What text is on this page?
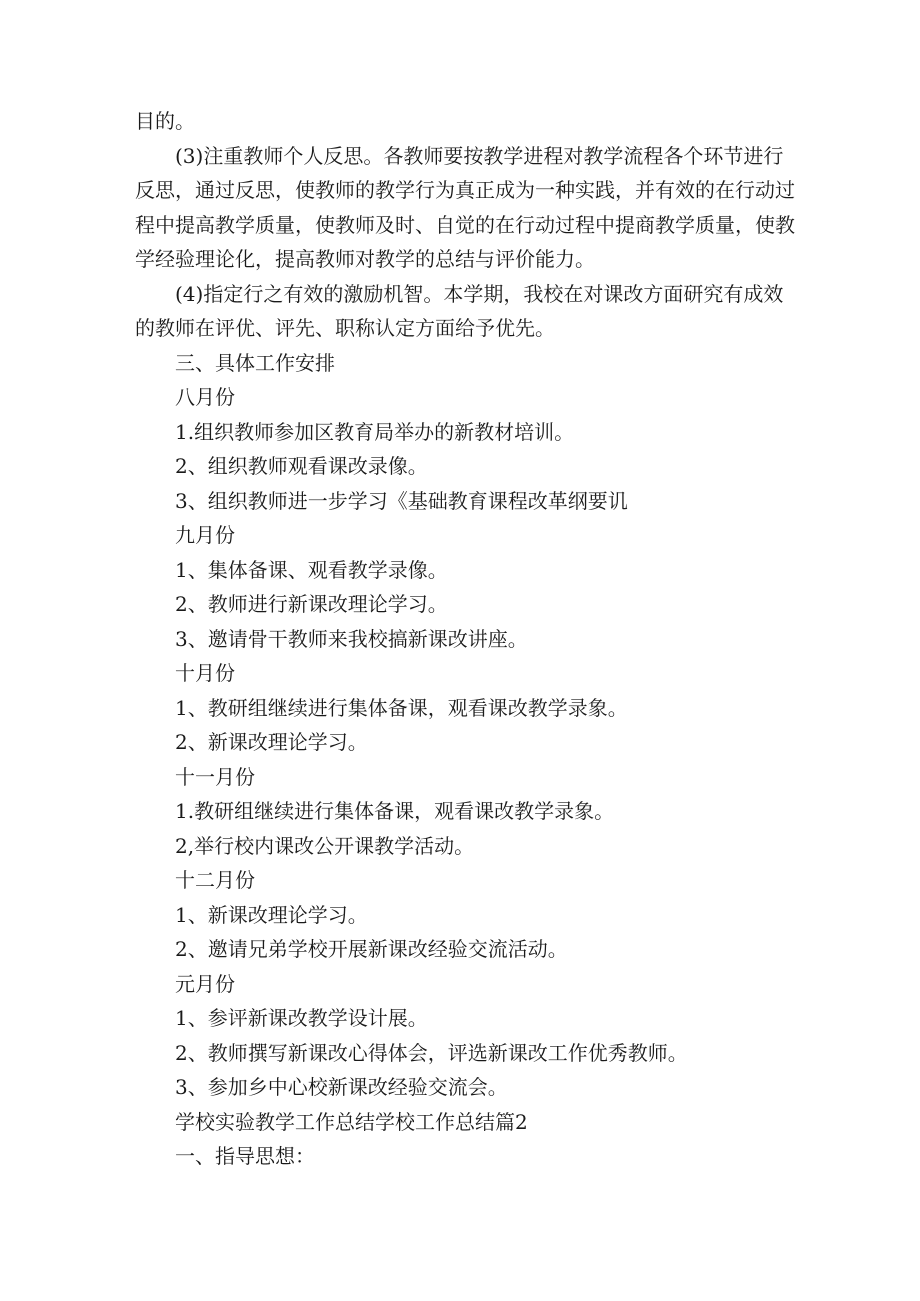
目的。

(3)注重教师个人反思。各教师要按教学进程对教学流程各个环节进行反思，通过反思，使教师的教学行为真正成为一种实践，并有效的在行动过程中提高教学质量，使教师及时、自觉的在行动过程中提商教学质量，使教学经验理论化，提高教师对教学的总结与评价能力。

(4)指定行之有效的激励机智。本学期，我校在对课改方面研究有成效的教师在评优、评先、职称认定方面给予优先。

三、具体工作安排

八月份

1.组织教师参加区教育局举办的新教材培训。

2、组织教师观看课改录像。

3、组织教师进一步学习《基础教育课程改革纲要讥

九月份

1、集体备课、观看教学录像。

2、教师进行新课改理论学习。

3、邀请骨干教师来我校搞新课改讲座。

十月份

1、教研组继续进行集体备课，观看课改教学录象。

2、新课改理论学习。

十一月份

1.教研组继续进行集体备课，观看课改教学录象。

2,举行校内课改公开课教学活动。

十二月份

1、新课改理论学习。

2、邀请兄弟学校开展新课改经验交流活动。

元月份

1、参评新课改教学设计展。

2、教师撰写新课改心得体会，评选新课改工作优秀教师。

3、参加乡中心校新课改经验交流会。

学校实验教学工作总结学校工作总结篇2

一、指导思想：
